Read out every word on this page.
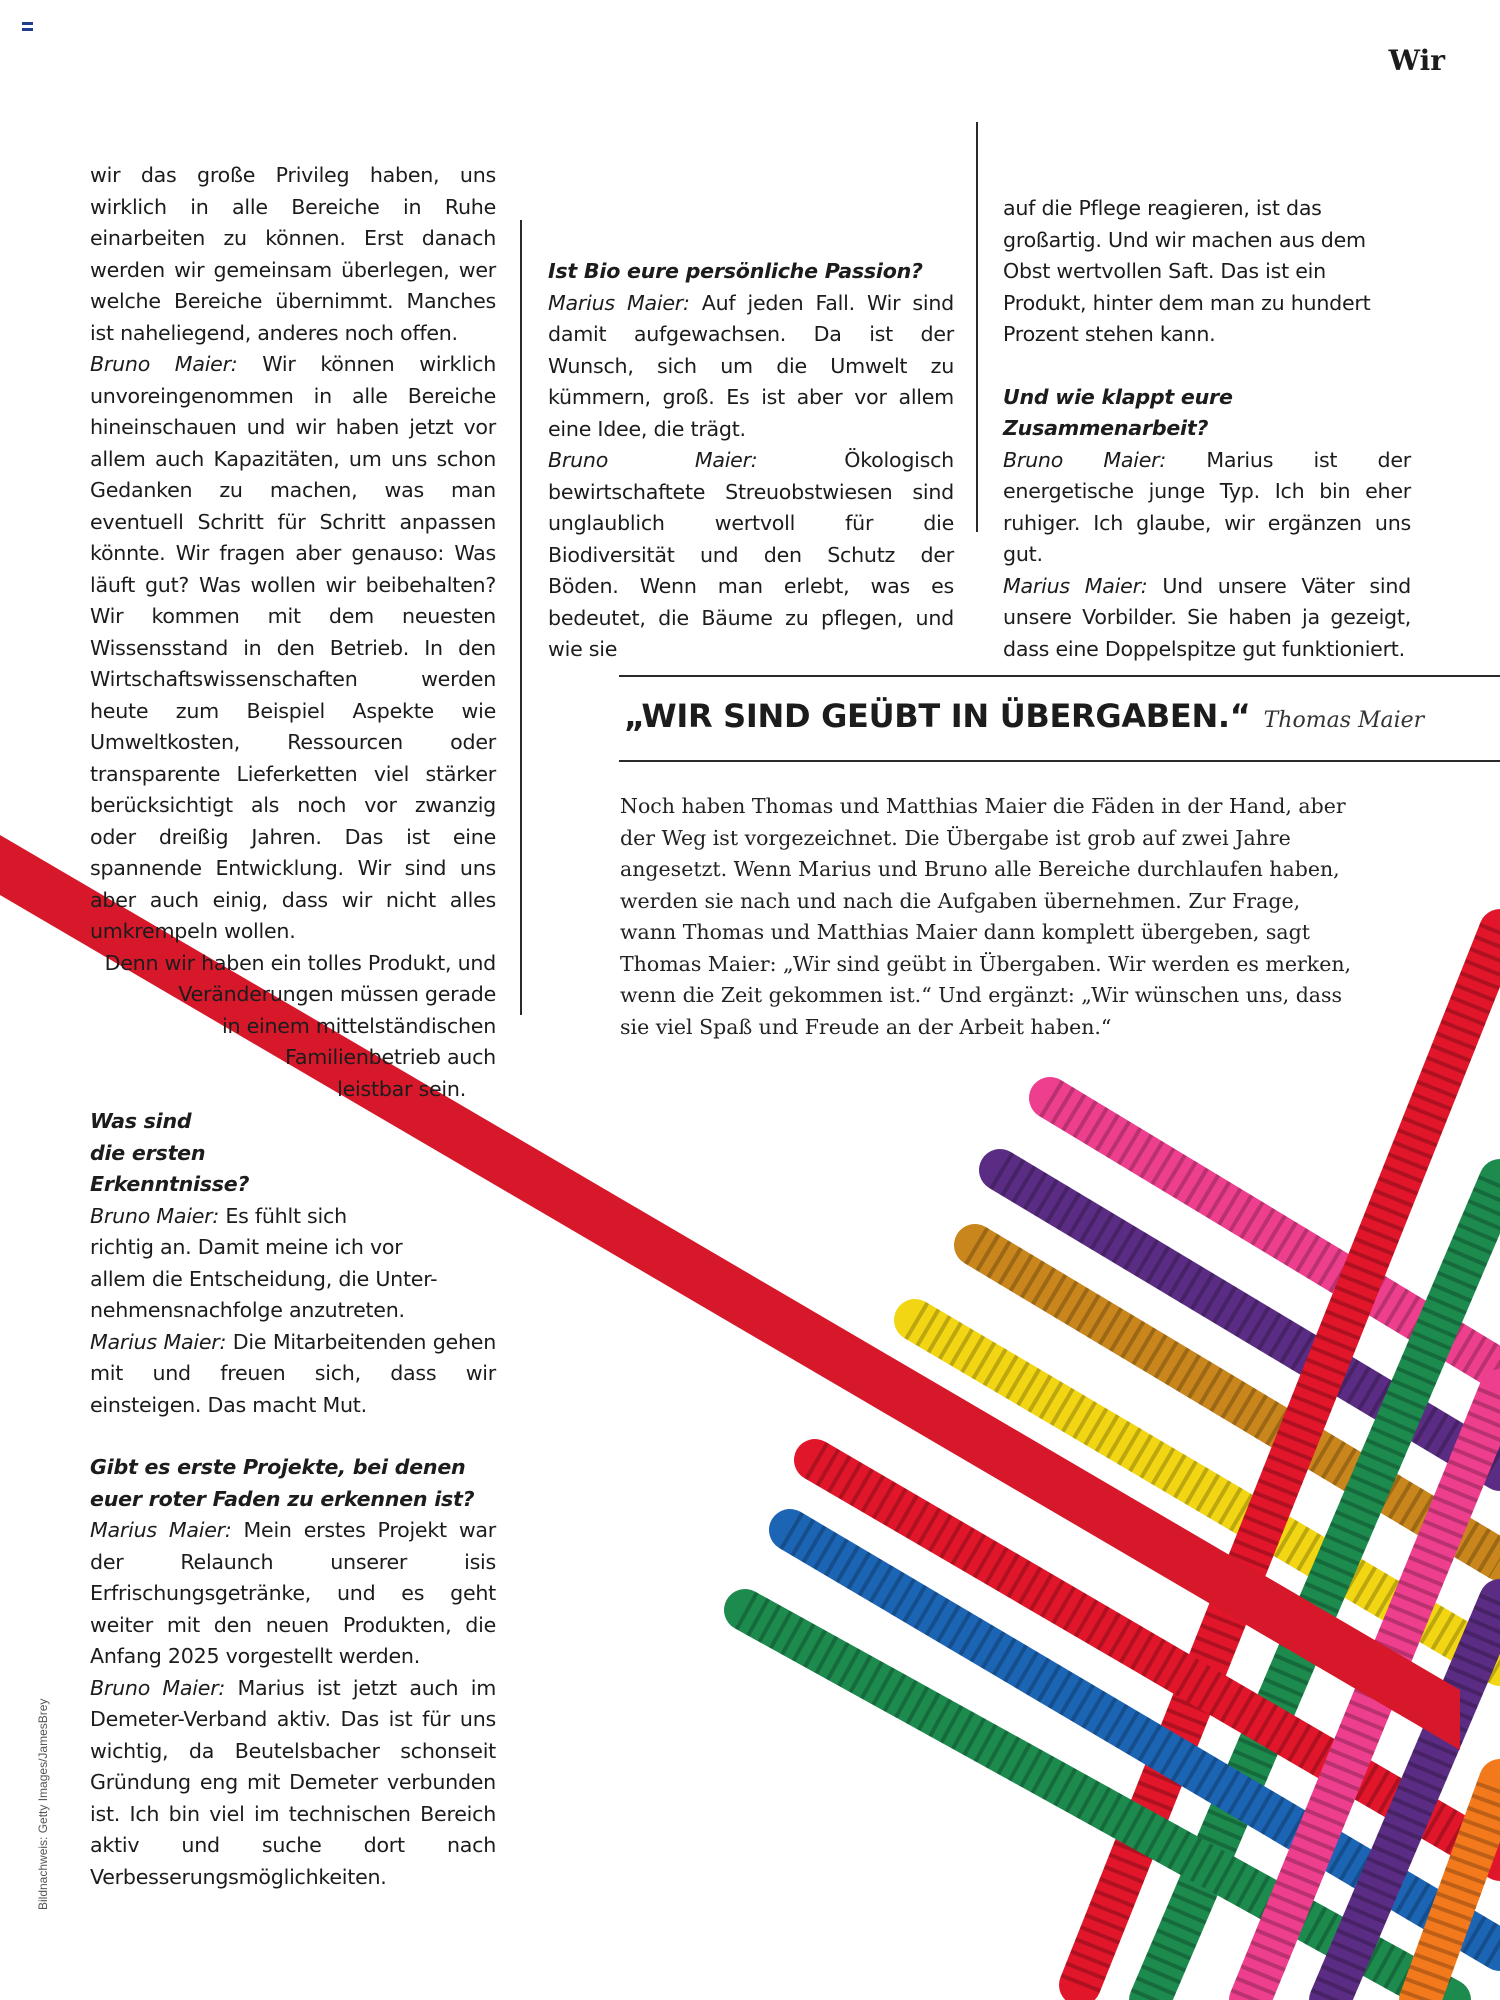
Wir

wir das große Privileg haben, uns wirklich in alle Bereiche in Ruhe einarbeiten zu können. Erst danach werden wir gemeinsam überlegen, wer welche Bereiche übernimmt. Manches ist naheliegend, anderes noch offen.

Bruno Maier: Wir können wirklich unvoreingenommen in alle Bereiche hineinschauen und wir haben jetzt vor allem auch Kapazitäten, um uns schon Gedanken zu machen, was man eventuell Schritt für Schritt anpassen könnte. Wir fragen aber genauso: Was läuft gut? Was wollen wir beibehalten? Wir kommen mit dem neuesten Wissensstand in den Betrieb. In den Wirtschaftswissenschaften werden heute zum Beispiel Aspekte wie Umweltkosten, Ressourcen oder transparente Lieferketten viel stärker berücksichtigt als noch vor zwanzig oder dreißig Jahren. Das ist eine spannende Entwicklung. Wir sind uns aber auch einig, dass wir nicht alles umkrempeln wollen.

Denn wir haben ein tolles Produkt, und
Veränderungen müssen gerade
in einem mittelständischen
Familienbetrieb auch
leistbar sein.

Ist Bio eure persönliche Passion?

Marius Maier: Auf jeden Fall. Wir sind damit aufgewachsen. Da ist der Wunsch, sich um die Umwelt zu kümmern, groß. Es ist aber vor allem eine Idee, die trägt.

Bruno Maier:	Ökologisch bewirtschaftete Streuobstwiesen sind unglaublich wertvoll für die Biodiversität und den Schutz der Böden. Wenn man erlebt, was es bedeutet, die Bäume zu pflegen, und wie sie

auf die Pflege reagieren, ist das großartig. Und wir machen aus dem Obst wertvollen Saft. Das ist ein Produkt, hinter dem man zu hundert Prozent stehen kann.

Und wie klappt eure Zusammenarbeit?

Bruno Maier: Marius ist der energetische junge Typ. Ich bin eher ruhiger. Ich glaube, wir ergänzen uns gut.

Marius Maier: Und unsere Väter sind unsere Vorbilder. Sie haben ja gezeigt, dass eine Doppelspitze gut funktioniert.

„WIR SIND GEÜBT IN ÜBERGABEN.“ Thomas Maier
Noch haben Thomas und Matthias Maier die Fäden in der Hand, aber der Weg ist vorgezeichnet. Die Übergabe ist grob auf zwei Jahre angesetzt. Wenn Marius und Bruno alle Bereiche durchlaufen haben, werden sie nach und nach die Aufgaben übernehmen. Zur Frage, wann Thomas und Matthias Maier dann komplett übergeben, sagt Thomas Maier: „Wir sind geübt in Übergaben. Wir werden es merken, wenn die Zeit gekommen ist.“ Und ergänzt: „Wir wünschen uns, dass sie viel Spaß und Freude an der Arbeit haben.“
Was sind
die ersten
Erkenntnisse?
Bruno Maier: Es fühlt sich
richtig an. Damit meine ich vor
allem die Entscheidung, die Unter-
nehmensnachfolge anzutreten.

Marius Maier: Die Mitarbeitenden gehen mit und freuen sich, dass wir einsteigen. Das macht Mut.

Gibt es erste Projekte, bei denen euer roter Faden zu erkennen ist?

Marius Maier: Mein erstes Projekt war der Relaunch unserer isis Erfrischungsgetränke, und es geht weiter mit den neuen Produkten, die Anfang 2025 vorgestellt werden.

Bruno Maier: Marius ist jetzt auch im Demeter-Verband aktiv. Das ist für uns wichtig, da Beutelsbacher schonseit Gründung eng mit Demeter verbunden ist. Ich bin viel im technischen Bereich aktiv und suche dort nach Verbesserungsmöglichkeiten.

Bildnachweis: Getty Images/JamesBrey
